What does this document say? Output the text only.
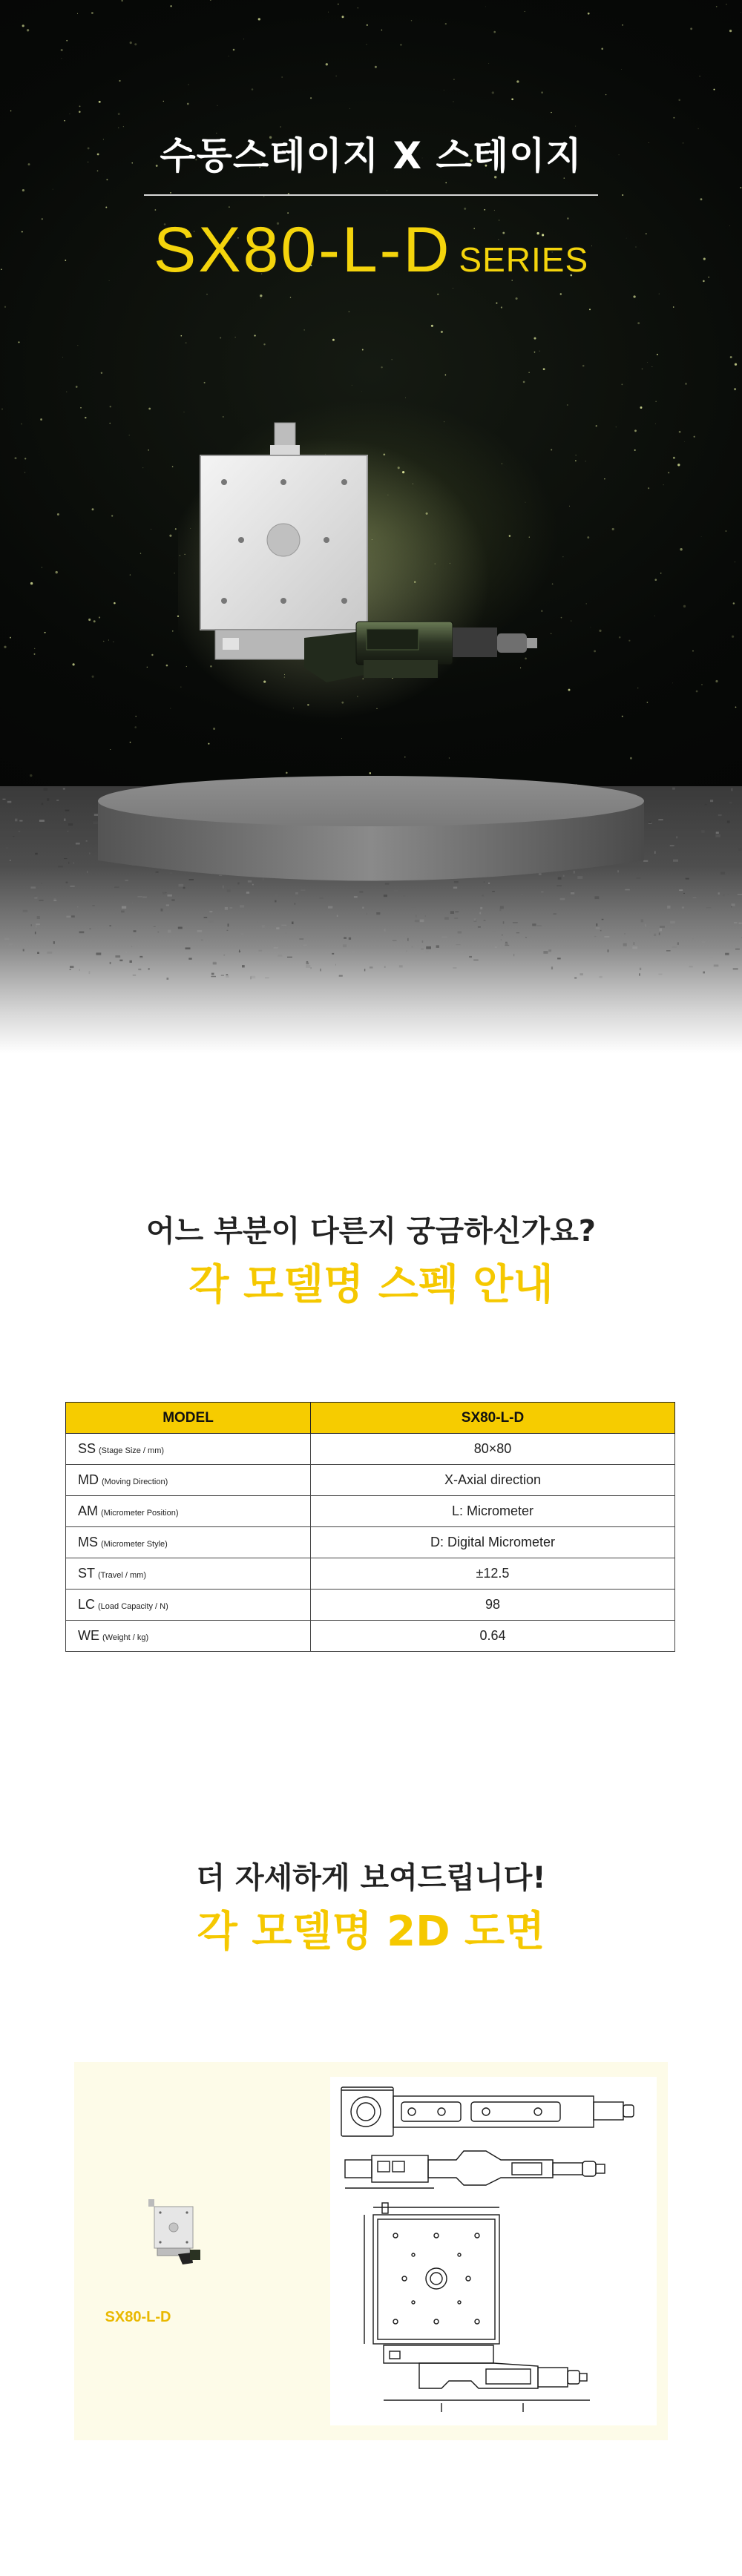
수동스테이지 X 스테이지
SX80-L-D SERIES
어느 부분이 다른지 궁금하신가요?
각 모델명 스펙 안내
MODEL	SX80-L-D
SS (Stage Size / mm)	80×80
MD (Moving Direction)	X-Axial direction
AM (Micrometer Position)	L: Micrometer
MS (Micrometer Style)	D: Digital Micrometer
ST (Travel / mm)	±12.5
LC (Load Capacity / N)	98
WE (Weight / kg)	0.64
더 자세하게 보여드립니다!
각 모델명 2D 도면
SX80-L-D
